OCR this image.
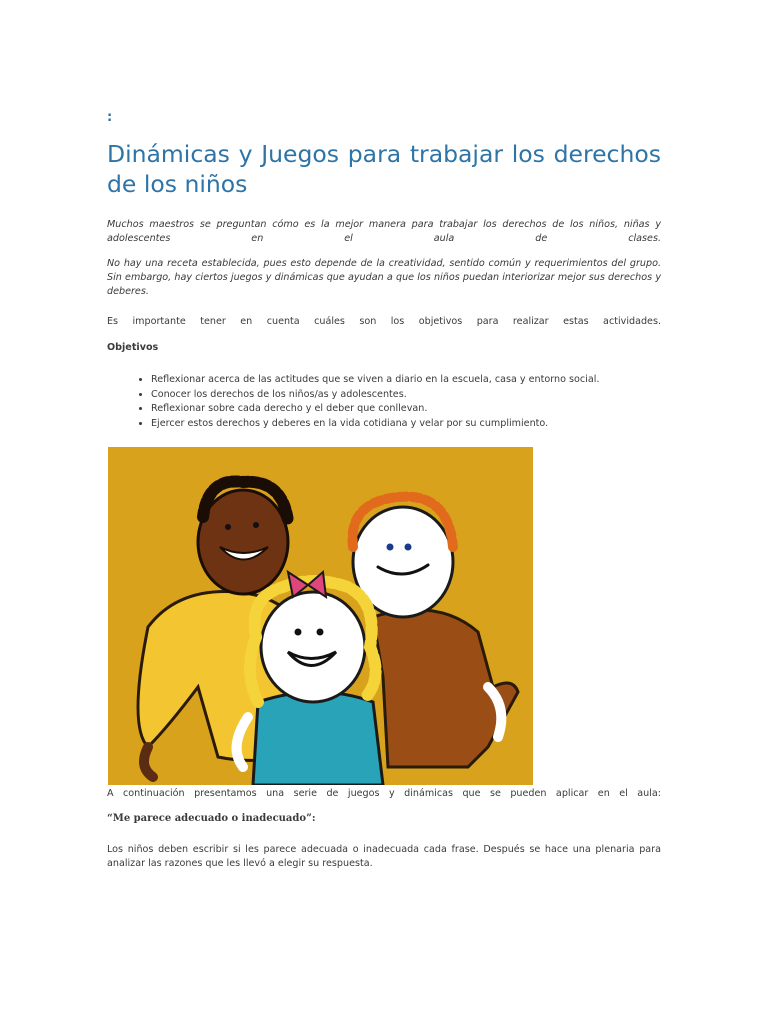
:
Dinámicas y Juegos para trabajar los derechos de los niños

Muchos maestros se preguntan cómo es la mejor manera para trabajar los derechos de los niños, niñas y adolescentes en el aula de clases.

No hay una receta establecida, pues esto depende de la creatividad, sentido común y requerimientos del grupo. Sin embargo, hay ciertos juegos y dinámicas que ayudan a que los niños puedan interiorizar mejor sus derechos y deberes.

Es importante tener en cuenta cuáles son los objetivos para realizar estas actividades.

Objetivos

• Reflexionar acerca de las actitudes que se viven a diario en la escuela, casa y entorno social.
• Conocer los derechos de los niños/as y adolescentes.
• Reflexionar sobre cada derecho y el deber que conllevan.
• Ejercer estos derechos y deberes en la vida cotidiana y velar por su cumplimiento.

A continuación presentamos una serie de juegos y dinámicas que se pueden aplicar en el aula:

“Me parece adecuado o inadecuado”:

Los niños deben escribir si les parece adecuada o inadecuada cada frase. Después se hace una plenaria para analizar las razones que les llevó a elegir su respuesta.
